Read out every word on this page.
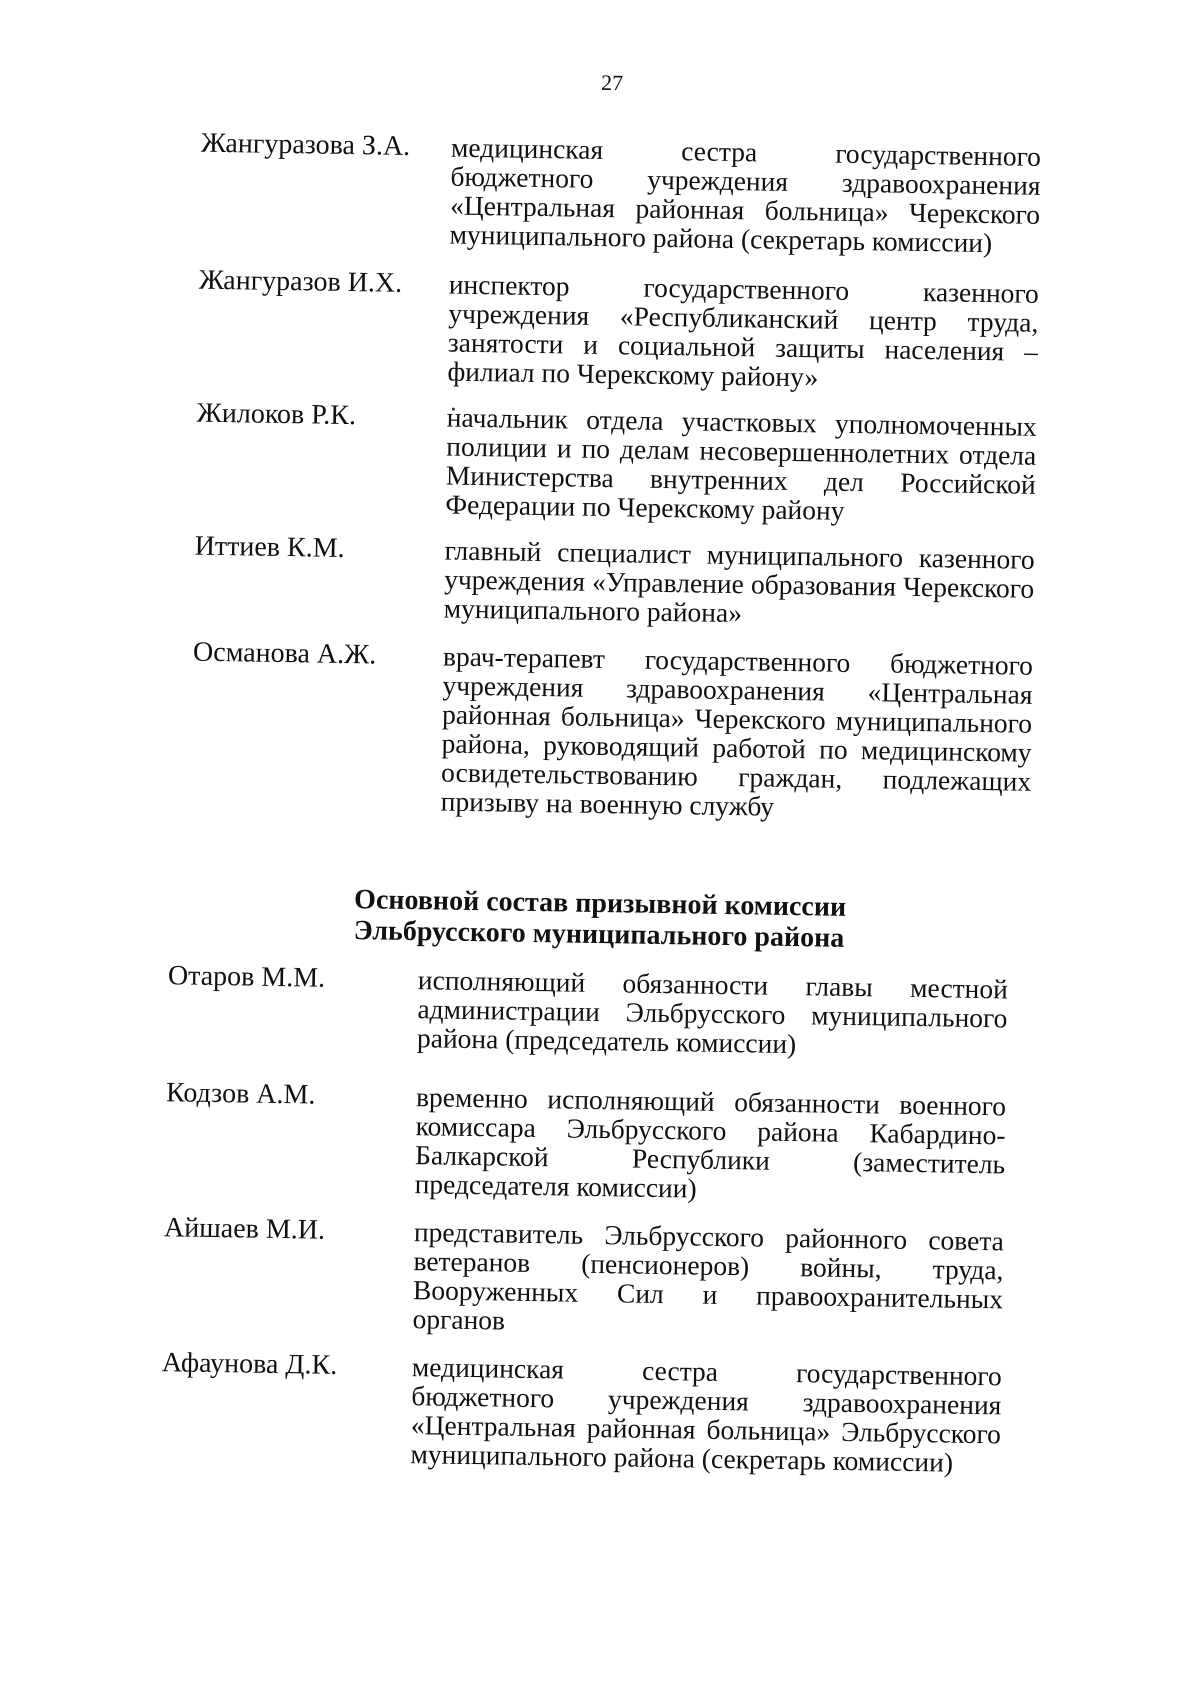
27
Жангуразова З.А.	медицинская сестра государственного бюджетного учреждения здравоохранения «Центральная районная больница» Черекского муниципального района (секретарь комиссии)
Жангуразов И.Х.	инспектор государственного казенного учреждения «Республиканский центр труда, занятости и социальной защиты населения – филиал по Черекскому району»
Жилоков Р.К.	начальник отдела участковых уполномоченных полиции и по делам несовершеннолетних отдела Министерства внутренних дел Российской Федерации по Черекскому району
Иттиев К.М.	главный специалист муниципального казенного учреждения «Управление образования Черекского муниципального района»
Османова А.Ж.	врач-терапевт государственного бюджетного учреждения здравоохранения «Центральная районная больница» Черекского муниципального района, руководящий работой по медицинскому освидетельствованию граждан, подлежащих призыву на военную службу
Основной состав призывной комиссии
Эльбрусского муниципального района
Отаров М.М.	исполняющий обязанности главы местной администрации Эльбрусского муниципального района (председатель комиссии)
Кодзов А.М.	временно исполняющий обязанности военного комиссара Эльбрусского района Кабардино-Балкарской Республики (заместитель председателя комиссии)
Айшаев М.И.	представитель Эльбрусского районного совета ветеранов (пенсионеров) войны, труда, Вооруженных Сил и правоохранительных органов
Афаунова Д.К.	медицинская сестра государственного бюджетного учреждения здравоохранения «Центральная районная больница» Эльбрусского муниципального района (секретарь комиссии)
